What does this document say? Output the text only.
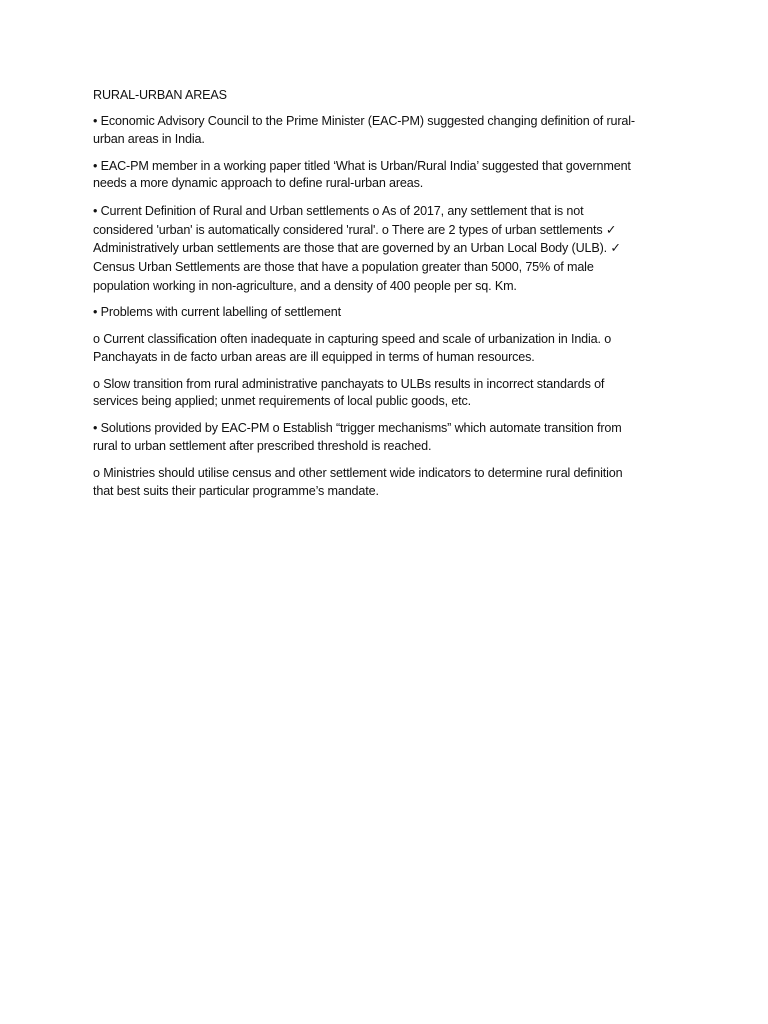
RURAL-URBAN AREAS
• Economic Advisory Council to the Prime Minister (EAC-PM) suggested changing definition of rural-
urban areas in India.
• EAC-PM member in a working paper titled ‘What is Urban/Rural India’ suggested that government
needs a more dynamic approach to define rural-urban areas.
• Current Definition of Rural and Urban settlements o As of 2017, any settlement that is not
considered 'urban' is automatically considered 'rural'. o There are 2 types of urban settlements ✓
Administratively urban settlements are those that are governed by an Urban Local Body (ULB). ✓
Census Urban Settlements are those that have a population greater than 5000, 75% of male
population working in non-agriculture, and a density of 400 people per sq. Km.
• Problems with current labelling of settlement
o Current classification often inadequate in capturing speed and scale of urbanization in India. o
Panchayats in de facto urban areas are ill equipped in terms of human resources.
o Slow transition from rural administrative panchayats to ULBs results in incorrect standards of
services being applied; unmet requirements of local public goods, etc.
• Solutions provided by EAC-PM o Establish “trigger mechanisms” which automate transition from
rural to urban settlement after prescribed threshold is reached.
o Ministries should utilise census and other settlement wide indicators to determine rural definition
that best suits their particular programme’s mandate.
